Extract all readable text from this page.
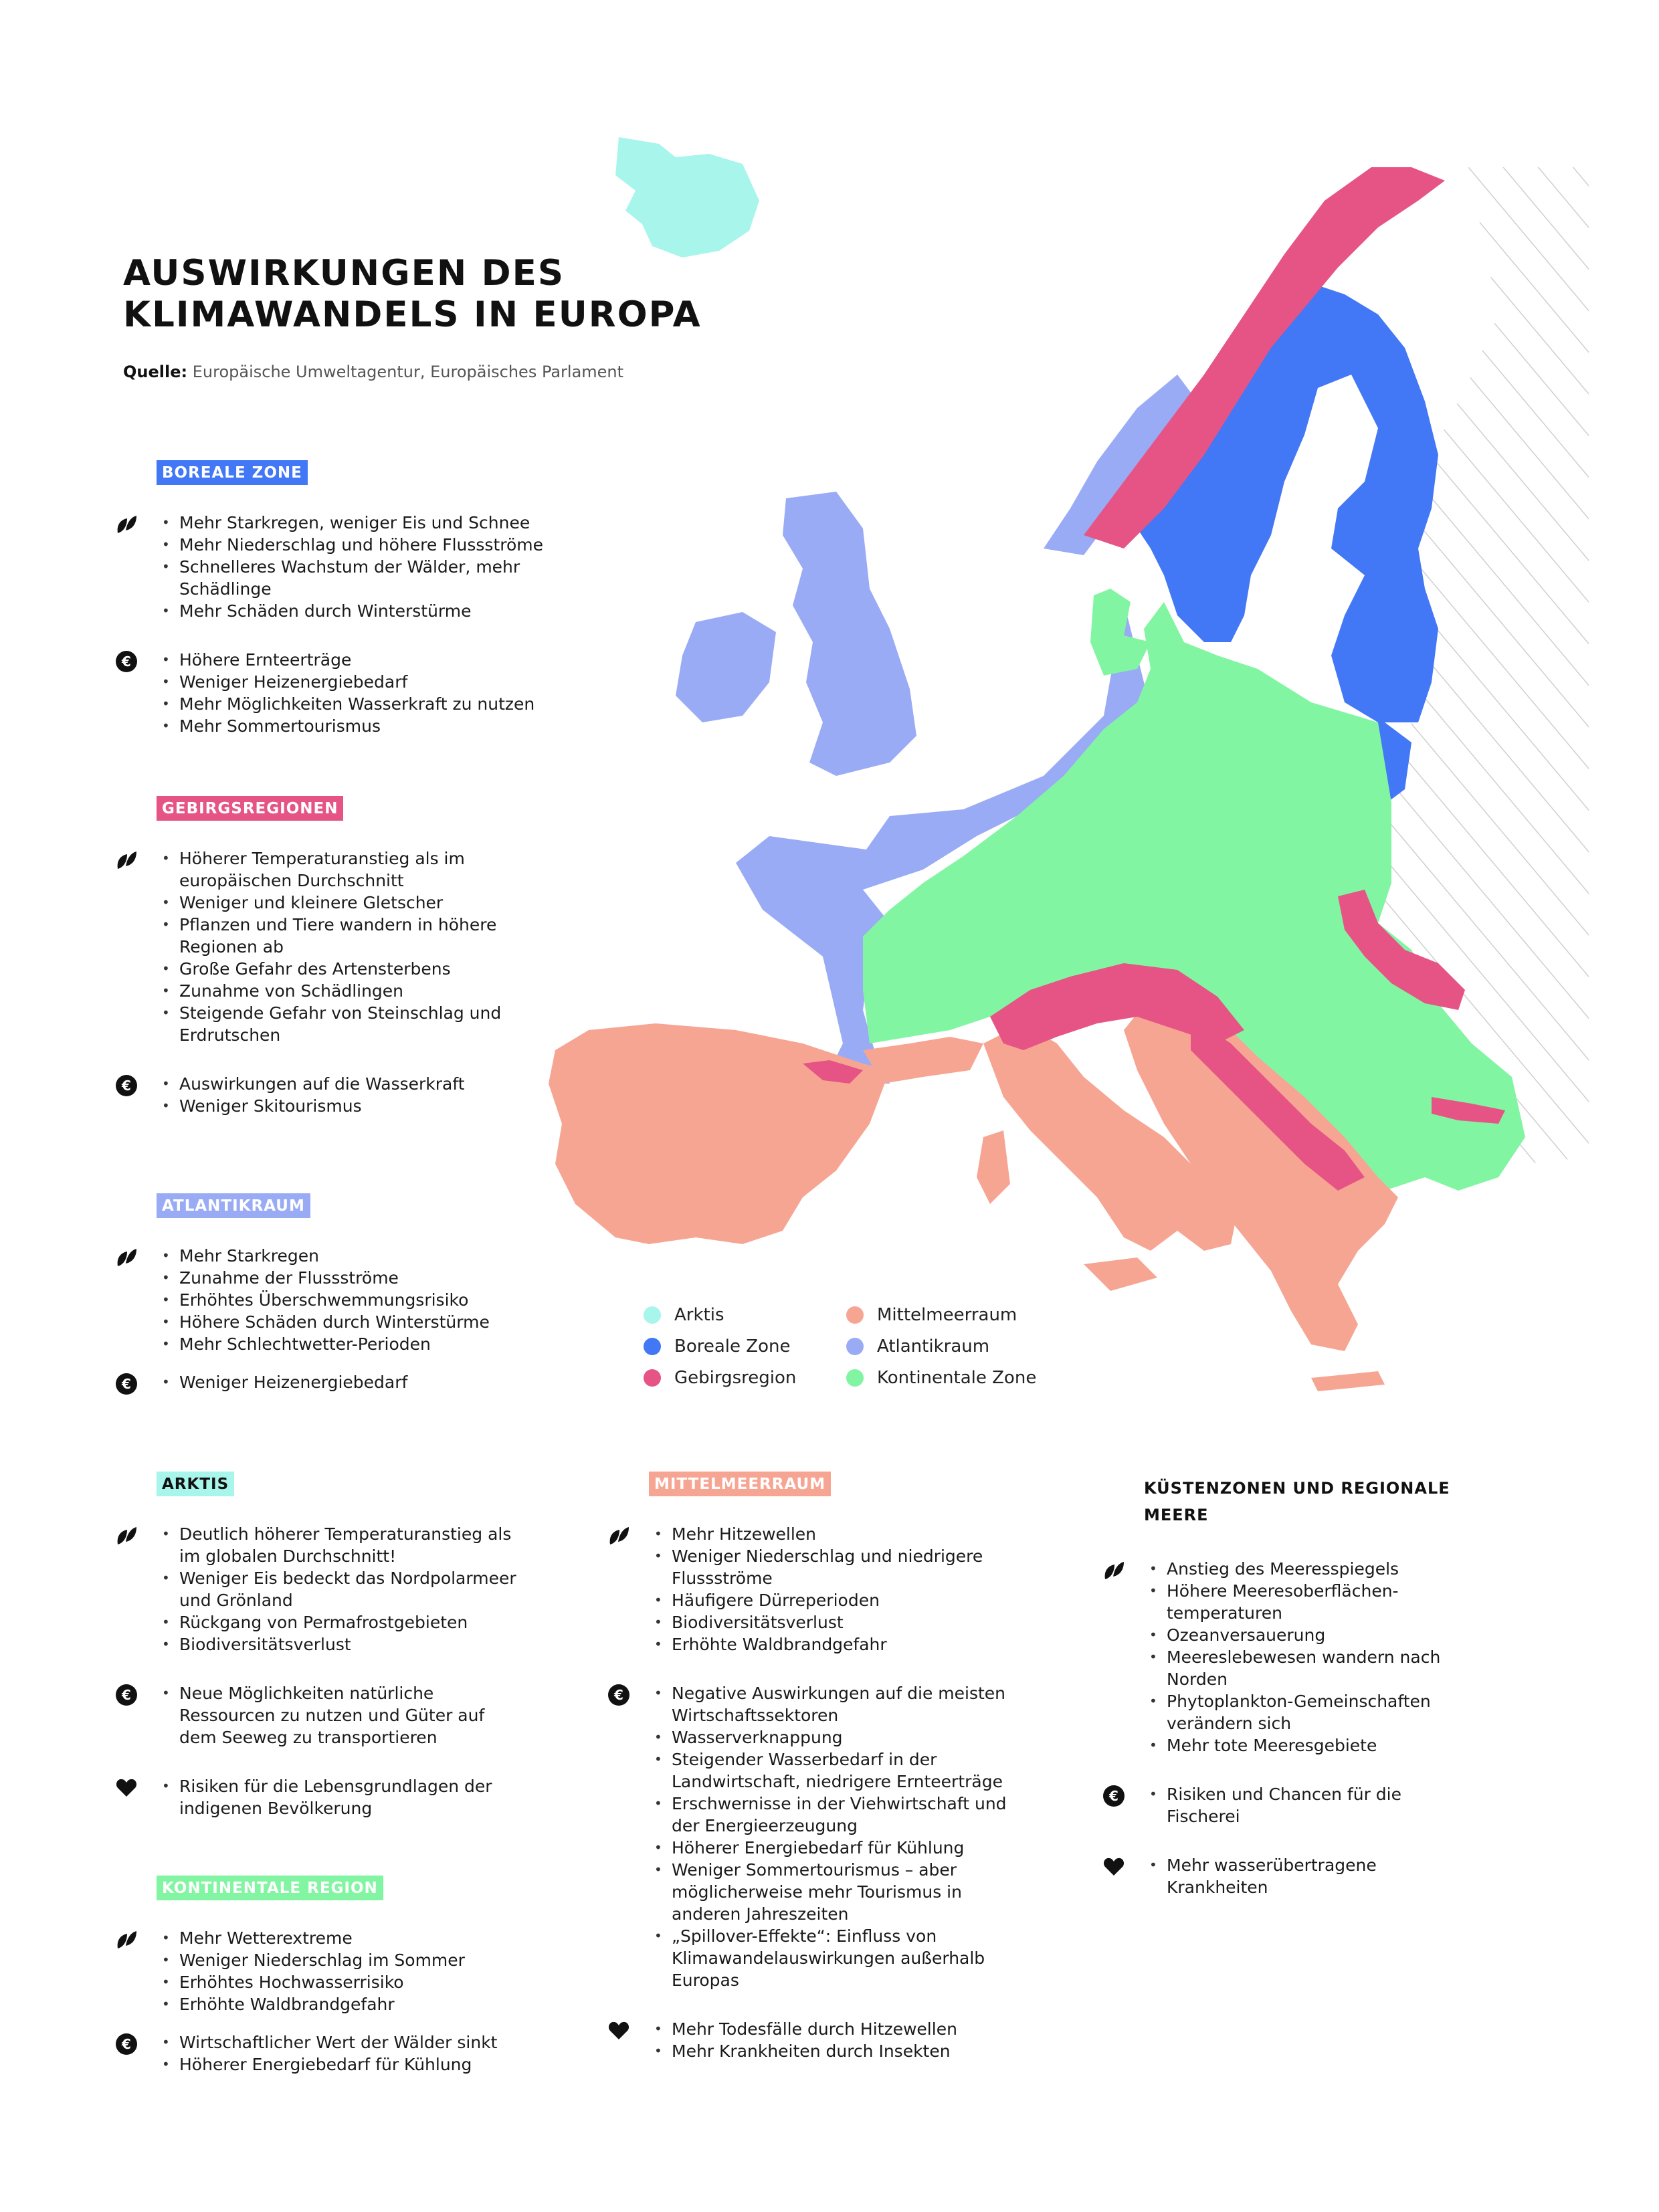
AUSWIRKUNGEN DES
KLIMAWANDELS IN EUROPA
Quelle: Europäische Umweltagentur, Europäisches Parlament
Arktis
Boreale Zone
Gebirgsregion
Mittelmeerraum
Atlantikraum
Kontinentale Zone
BOREALE ZONE
• Mehr Starkregen, weniger Eis und Schnee
• Mehr Niederschlag und höhere Flussströme
• Schnelleres Wachstum der Wälder, mehr Schädlinge
• Mehr Schäden durch Winterstürme
€	• Höhere Ernteerträge
• Weniger Heizenergiebedarf
• Mehr Möglichkeiten Wasserkraft zu nutzen
• Mehr Sommertourismus
GEBIRGSREGIONEN
• Höherer Temperaturanstieg als im europäischen Durchschnitt
• Weniger und kleinere Gletscher
• Pflanzen und Tiere wandern in höhere Regionen ab
• Große Gefahr des Artensterbens
• Zunahme von Schädlingen
• Steigende Gefahr von Steinschlag und Erdrutschen
€	• Auswirkungen auf die Wasserkraft
• Weniger Skitourismus
ATLANTIKRAUM
• Mehr Starkregen
• Zunahme der Flussströme
• Erhöhtes Überschwemmungsrisiko
• Höhere Schäden durch Winterstürme
• Mehr Schlechtwetter-Perioden
€	• Weniger Heizenergiebedarf
ARKTIS
• Deutlich höherer Temperaturanstieg als im globalen Durchschnitt!
• Weniger Eis bedeckt das Nordpolarmeer und Grönland
• Rückgang von Permafrostgebieten
• Biodiversitätsverlust
€	• Neue Möglichkeiten natürliche Ressourcen zu nutzen und Güter auf dem Seeweg zu transportieren
• Risiken für die Lebensgrundlagen der indigenen Bevölkerung
KONTINENTALE REGION
• Mehr Wetterextreme
• Weniger Niederschlag im Sommer
• Erhöhtes Hochwasserrisiko
• Erhöhte Waldbrandgefahr
€	• Wirtschaftlicher Wert der Wälder sinkt
• Höherer Energiebedarf für Kühlung
MITTELMEERRAUM
• Mehr Hitzewellen
• Weniger Niederschlag und niedrigere Flussströme
• Häufigere Dürreperioden
• Biodiversitätsverlust
• Erhöhte Waldbrandgefahr
€	• Negative Auswirkungen auf die meisten Wirtschaftssektoren
• Wasserverknappung
• Steigender Wasserbedarf in der Landwirtschaft, niedrigere Ernteerträge
• Erschwernisse in der Viehwirtschaft und der Energieerzeugung
• Höherer Energiebedarf für Kühlung
• Weniger Sommertourismus – aber möglicherweise mehr Tourismus in anderen Jahreszeiten
• „Spillover-Effekte“: Einfluss von Klimawandelauswirkungen außerhalb Europas
• Mehr Todesfälle durch Hitzewellen
• Mehr Krankheiten durch Insekten
KÜSTENZONEN UND REGIONALE MEERE
• Anstieg des Meeresspiegels
• Höhere Meeresoberflächen-temperaturen
• Ozeanversauerung
• Meereslebewesen wandern nach Norden
• Phytoplankton-Gemeinschaften verändern sich
• Mehr tote Meeresgebiete
€	• Risiken und Chancen für die Fischerei
• Mehr wasserübertragene Krankheiten
